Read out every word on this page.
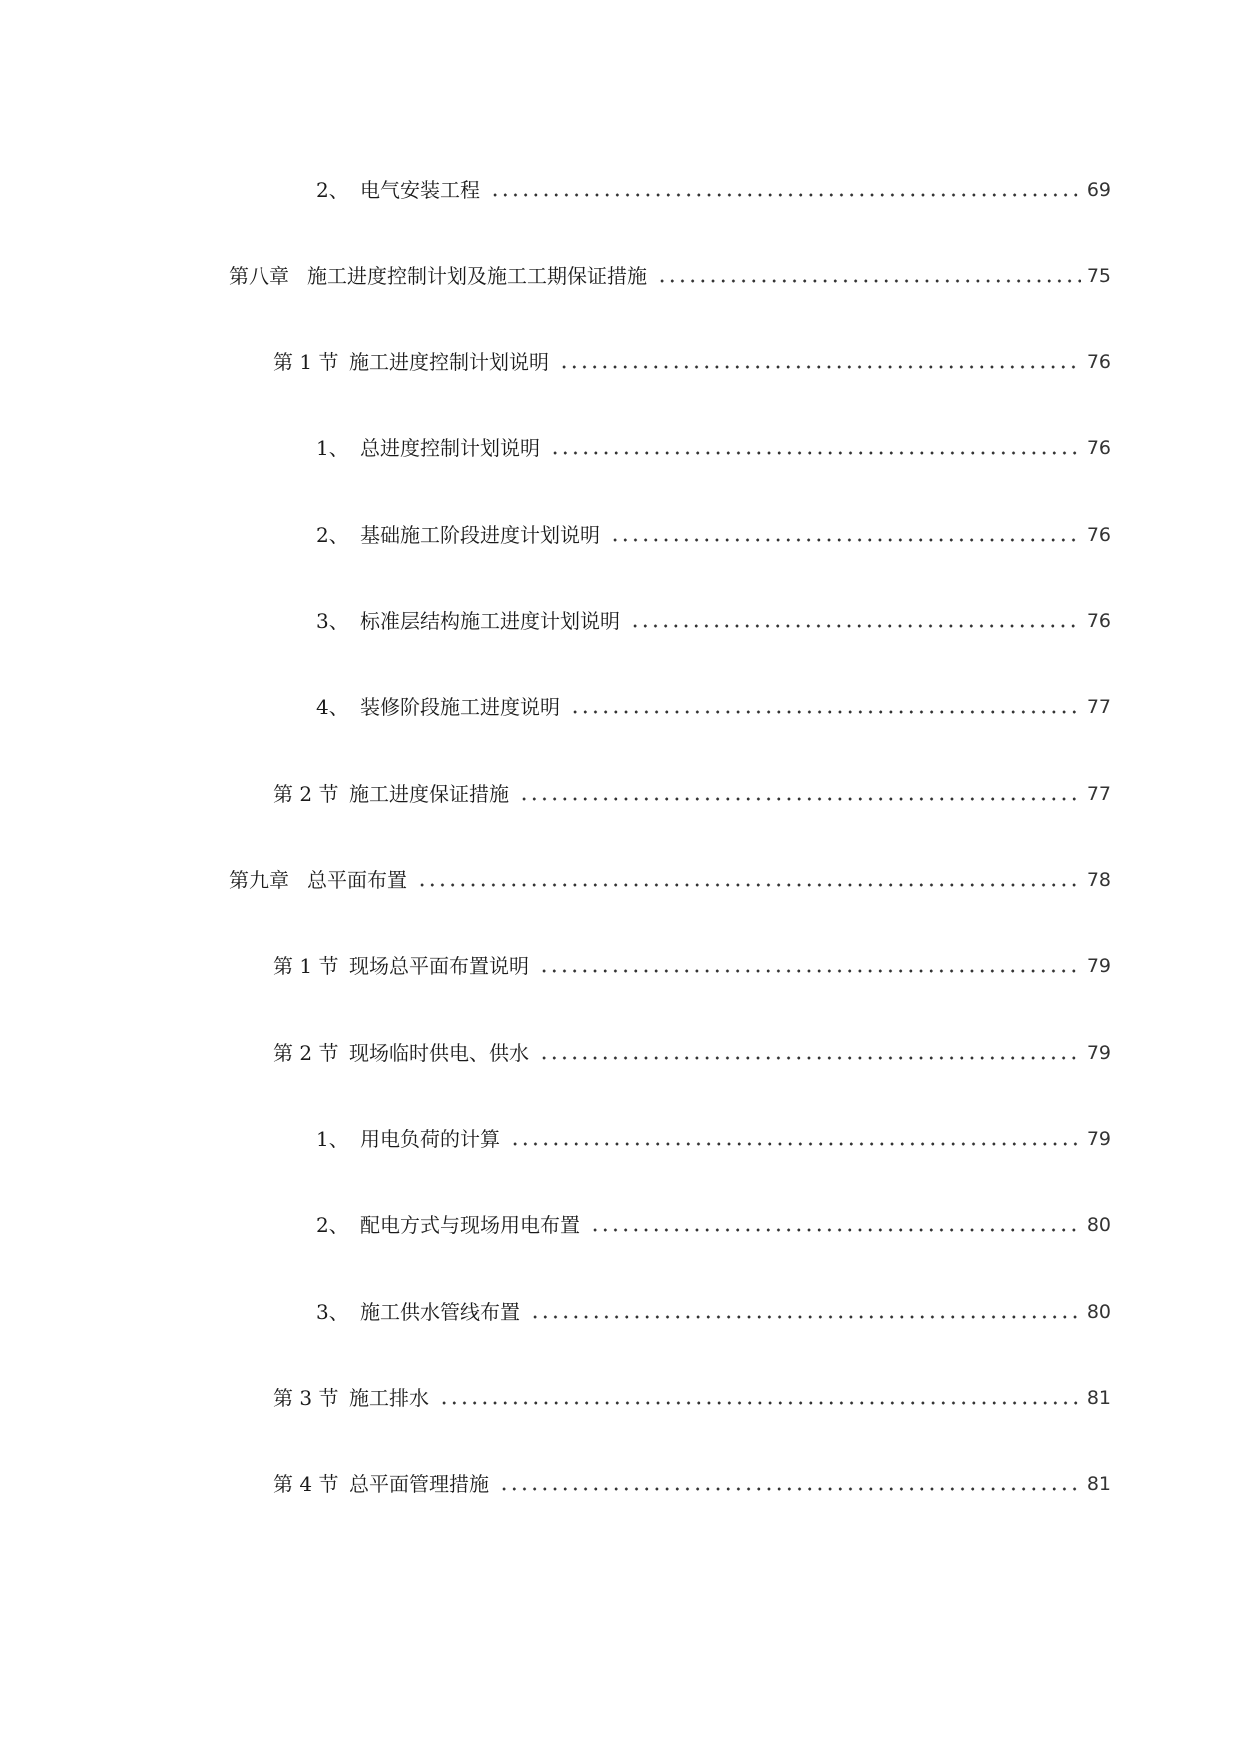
2、 电气安装工程	69
第八章 施工进度控制计划及施工工期保证措施	75
第 1 节 施工进度控制计划说明	76
1、 总进度控制计划说明	76
2、 基础施工阶段进度计划说明	76
3、 标准层结构施工进度计划说明	76
4、 装修阶段施工进度说明	77
第 2 节 施工进度保证措施	77
第九章 总平面布置	78
第 1 节 现场总平面布置说明	79
第 2 节 现场临时供电、供水	79
1、 用电负荷的计算	79
2、 配电方式与现场用电布置	80
3、 施工供水管线布置	80
第 3 节 施工排水	81
第 4 节 总平面管理措施	81
